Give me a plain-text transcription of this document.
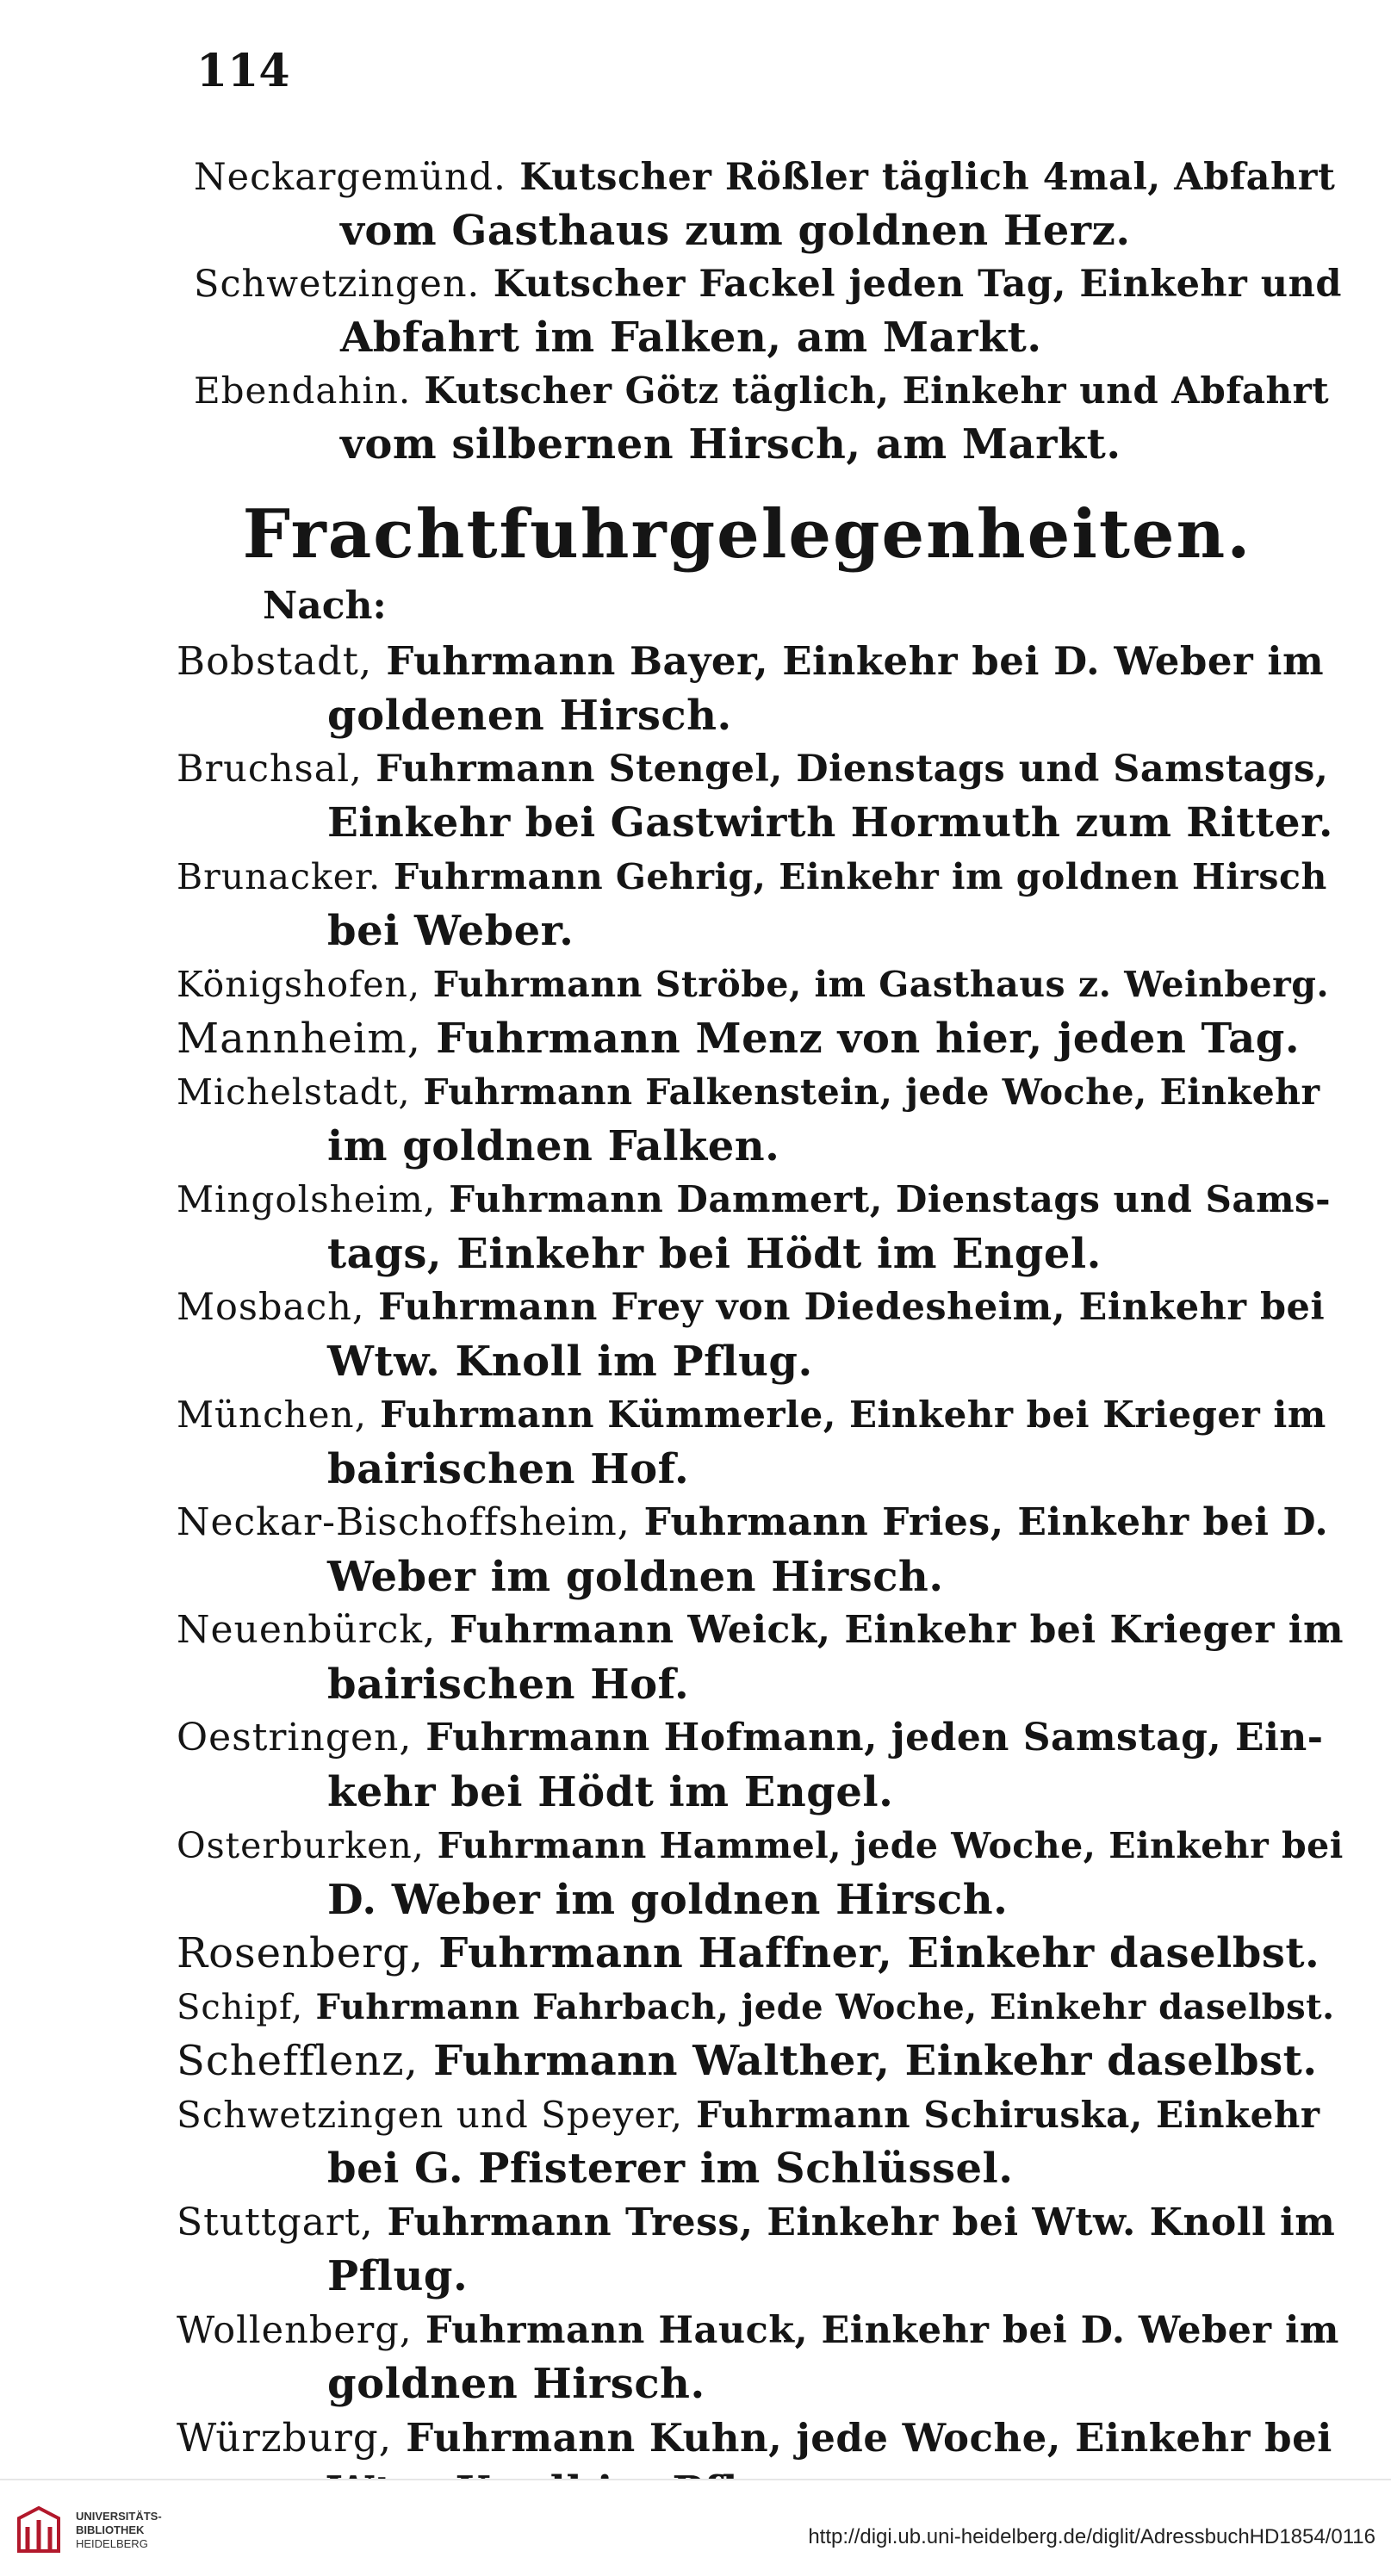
114
Neckargemünd. Kutscher Rößler täglich 4mal, Abfahrt
vom Gasthaus zum goldnen Herz.
Schwetzingen. Kutscher Fackel jeden Tag, Einkehr und
Abfahrt im Falken, am Markt.
Ebendahin. Kutscher Götz täglich, Einkehr und Abfahrt
vom silbernen Hirsch, am Markt.
Frachtfuhrgelegenheiten.
Nach:
Bobstadt, Fuhrmann Bayer, Einkehr bei D. Weber im
goldenen Hirsch.
Bruchsal, Fuhrmann Stengel, Dienstags und Samstags,
Einkehr bei Gastwirth Hormuth zum Ritter.
Brunacker. Fuhrmann Gehrig, Einkehr im goldnen Hirsch
bei Weber.
Königshofen, Fuhrmann Ströbe, im Gasthaus z. Weinberg.
Mannheim, Fuhrmann Menz von hier, jeden Tag.
Michelstadt, Fuhrmann Falkenstein, jede Woche, Einkehr
im goldnen Falken.
Mingolsheim, Fuhrmann Dammert, Dienstags und Sams-
tags, Einkehr bei Hödt im Engel.
Mosbach, Fuhrmann Frey von Diedesheim, Einkehr bei
Wtw. Knoll im Pflug.
München, Fuhrmann Kümmerle, Einkehr bei Krieger im
bairischen Hof.
Neckar-Bischoffsheim, Fuhrmann Fries, Einkehr bei D.
Weber im goldnen Hirsch.
Neuenbürck, Fuhrmann Weick, Einkehr bei Krieger im
bairischen Hof.
Oestringen, Fuhrmann Hofmann, jeden Samstag, Ein-
kehr bei Hödt im Engel.
Osterburken, Fuhrmann Hammel, jede Woche, Einkehr bei
D. Weber im goldnen Hirsch.
Rosenberg, Fuhrmann Haffner, Einkehr daselbst.
Schipf, Fuhrmann Fahrbach, jede Woche, Einkehr daselbst.
Schefflenz, Fuhrmann Walther, Einkehr daselbst.
Schwetzingen und Speyer, Fuhrmann Schiruska, Einkehr
bei G. Pfisterer im Schlüssel.
Stuttgart, Fuhrmann Tress, Einkehr bei Wtw. Knoll im
Pflug.
Wollenberg, Fuhrmann Hauck, Einkehr bei D. Weber im
goldnen Hirsch.
Würzburg, Fuhrmann Kuhn, jede Woche, Einkehr bei
UNIVERSITÄTS-
BIBLIOTHEK
HEIDELBERG	http://digi.ub.uni-heidelberg.de/diglit/AdressbuchHD1854/0116
